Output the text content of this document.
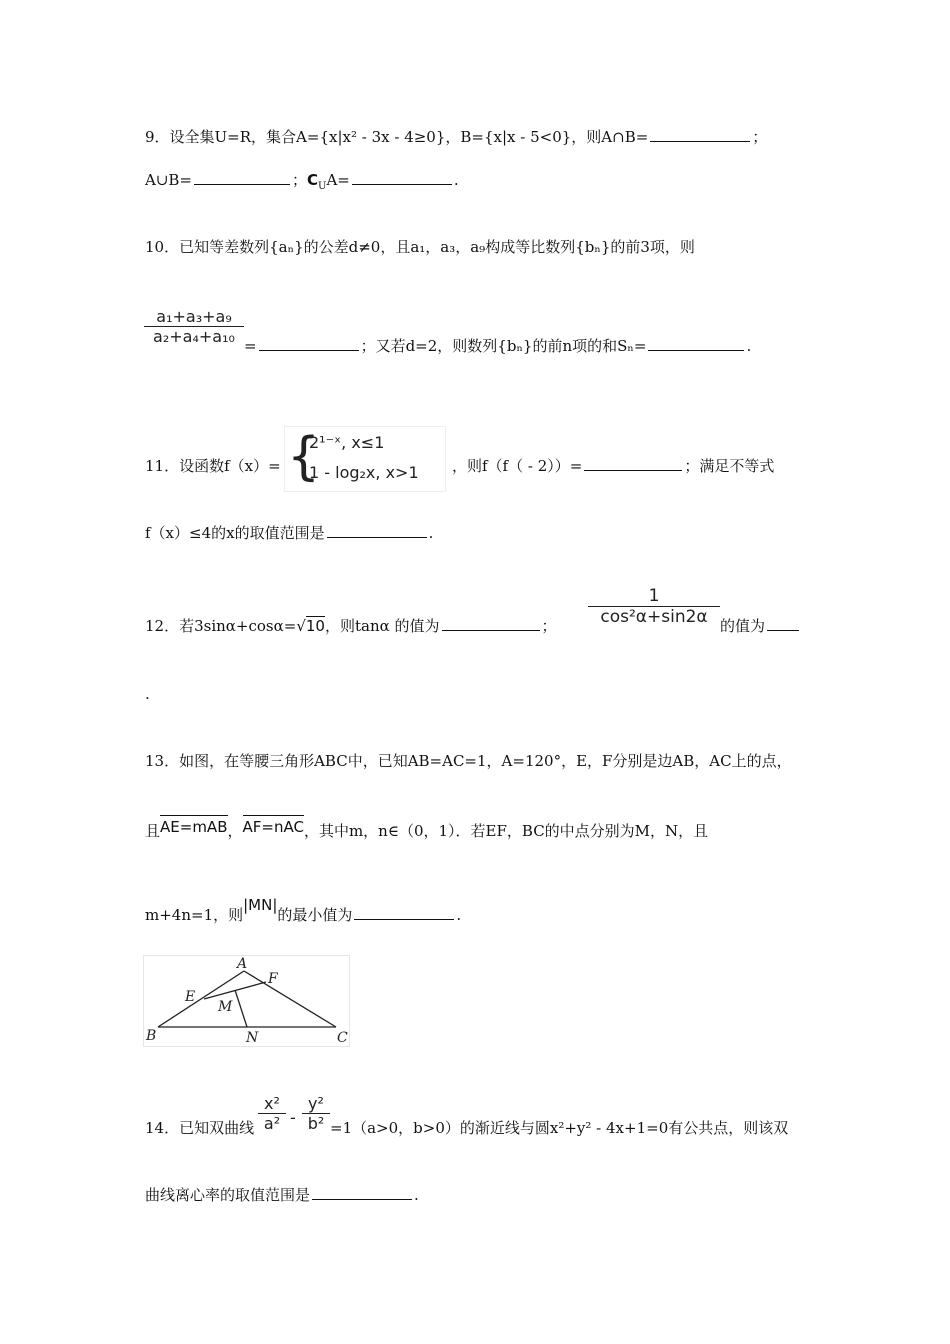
9．设全集U=R，集合A={x|x² - 3x - 4≥0}，B={x|x - 5<0}，则A∩B=	；
A∪B=	；$C_UA=$	.
10．已知等差数列{aₙ}的公差d≠0，且a₁，a₃，a₉构成等比数列{bₙ}的前3项，则
$\frac{\text{a₁+a₃+a₉}}{\text{a₂+a₄+a₁₀}}$ =	；又若d=2，则数列{bₙ}的前n项的和Sₙ=	.
11．设函数f（x）= {
2¹⁻ˣ, x≤1
1 - log₂x, x>1 ，则f（f（ - 2））=	；满足不等式
f（x）≤4的x的取值范围是	.
12．若3sinα+cosα=√10，则tanα 的值为	； $\frac{1}{\text{cos²α+sin2α}}$ 的值为
.
13．如图，在等腰三角形ABC中，已知AB=AC=1，A=120°，E，F分别是边AB，AC上的点，
且AE=mAB，AF=nAC，其中m，n∈（0，1）．若EF，BC的中点分别为M，N，且
m+4n=1，则|MN|的最小值为	.
A
B	C
E
F
M
N
14．已知双曲线
x²
a² -
y²
b² =1（a>0，b>0）的渐近线与圆x²+y² - 4x+1=0有公共点，则该双
曲线离心率的取值范围是	.
